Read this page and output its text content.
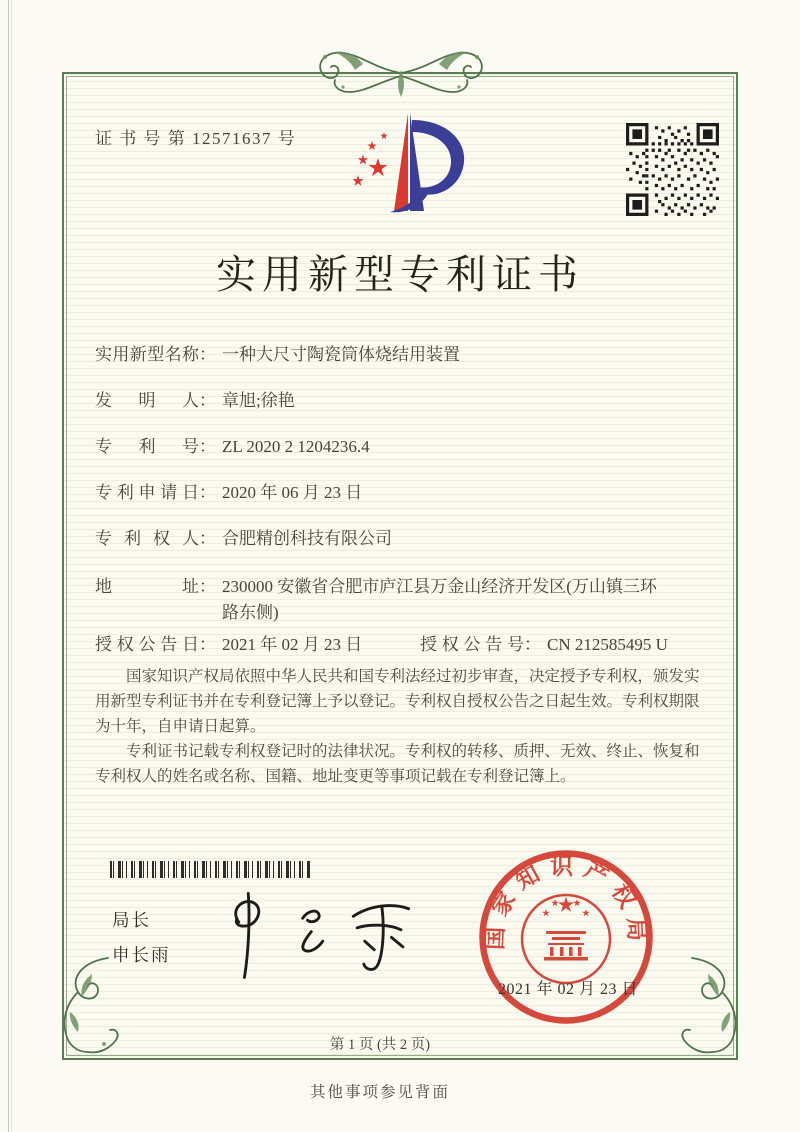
证 书 号 第 12571637 号
实用新型专利证书
实用新型名称 ： 一种大尺寸陶瓷筒体烧结用装置
发明人 ： 章旭;徐艳
专利号 ： ZL 2020 2 1204236.4
专利申请日 ： 2020 年 06 月 23 日
专利权人 ： 合肥精创科技有限公司
地址 ： 230000 安徽省合肥市庐江县万金山经济开发区(万山镇三环路东侧)
授权公告日 ： 2021 年 02 月 23 日	授权公告号 ： CN 212585495 U

国家知识产权局依照中华人民共和国专利法经过初步审查，决定授予专利权，颁发实用新型专利证书并在专利登记簿上予以登记。专利权自授权公告之日起生效。专利权期限为十年，自申请日起算。

专利证书记载专利权登记时的法律状况。专利权的转移、质押、无效、终止、恢复和专利权人的姓名或名称、国籍、地址变更等事项记载在专利登记簿上。

局长
申长雨
国家知识产权局
2021 年 02 月 23 日
第 1 页 (共 2 页)
其他事项参见背面
